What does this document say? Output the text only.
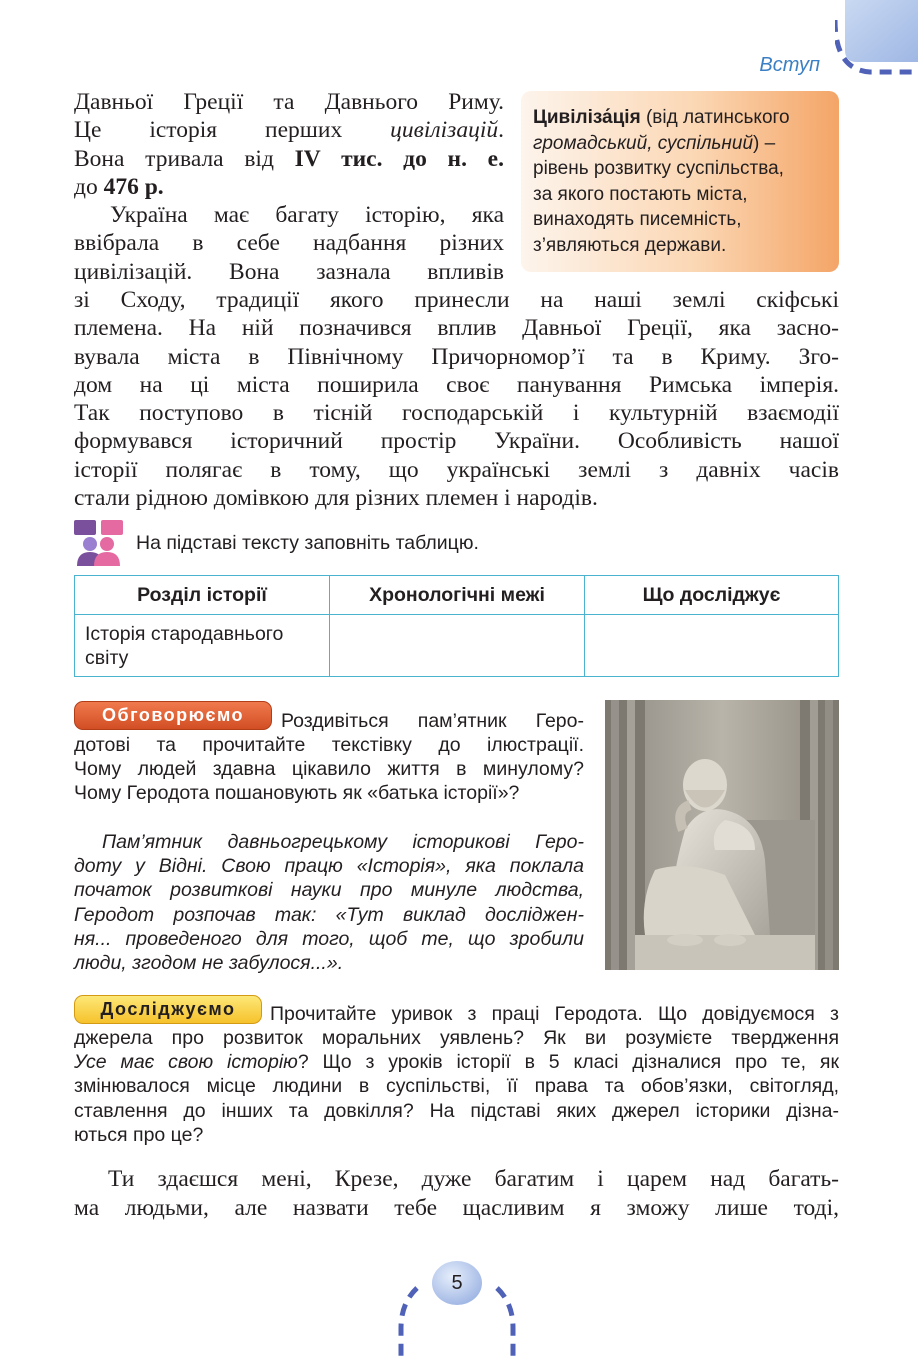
Вступ
Давньої Греції та Давнього Риму.
Це історія перших цивілізацій.
Вона тривала від IV тис. до н. е.
до 476 р.
Україна має багату історію, яка
ввібрала в себе надбання різних
цивілізацій. Вона зазнала впливів
зі Сходу, традиції якого принесли на наші землі скіфські
племена. На ній позначився вплив Давньої Греції, яка засно-
вувала міста в Північному Причорномор’ї та в Криму. Зго-
дом на ці міста поширила своє панування Римська імперія.
Так поступово в тісній господарській і культурній взаємодії
формувався історичний простір України. Особливість нашої
історії полягає в тому, що українські землі з давніх часів
стали рідною домівкою для різних племен і народів.
Цивіліза́ція (від латинського
громадський, суспільний) –
рівень розвитку суспільства,
за якого постають міста,
винаходять писемність,
з’являються держави.
На підставі тексту заповніть таблицю.
Розділ історії	Хронологічні межі	Що досліджує
Історія стародавнього світу		
Обговорюємо	Роздивіться пам’ятник Геро-
дотові та прочитайте текстівку до ілюстрації.
Чому людей здавна цікавило життя в минулому?
Чому Геродота пошановують як «батька історії»?
Пам’ятник давньогрецькому історикові Геро-
доту у Відні. Свою працю «Історія», яка поклала
початок розвиткові науки про минуле людства,
Геродот розпочав так: «Тут виклад досліджен-
ня... проведеного для того, щоб те, що зробили
люди, згодом не забулося...».
Досліджуємо	Прочитайте уривок з праці Геродота. Що довідуємося з
джерела про розвиток моральних уявлень? Як ви розумієте твердження
Усе має свою історію? Що з уроків історії в 5 класі дізналися про те, як
змінювалося місце людини в суспільстві, її права та обов’язки, світогляд,
ставлення до інших та довкілля? На підставі яких джерел історики дізна-
ються про це?
Ти здаєшся мені, Крезе, дуже багатим і царем над багать-
ма людьми, але назвати тебе щасливим я зможу лише тоді,
5
